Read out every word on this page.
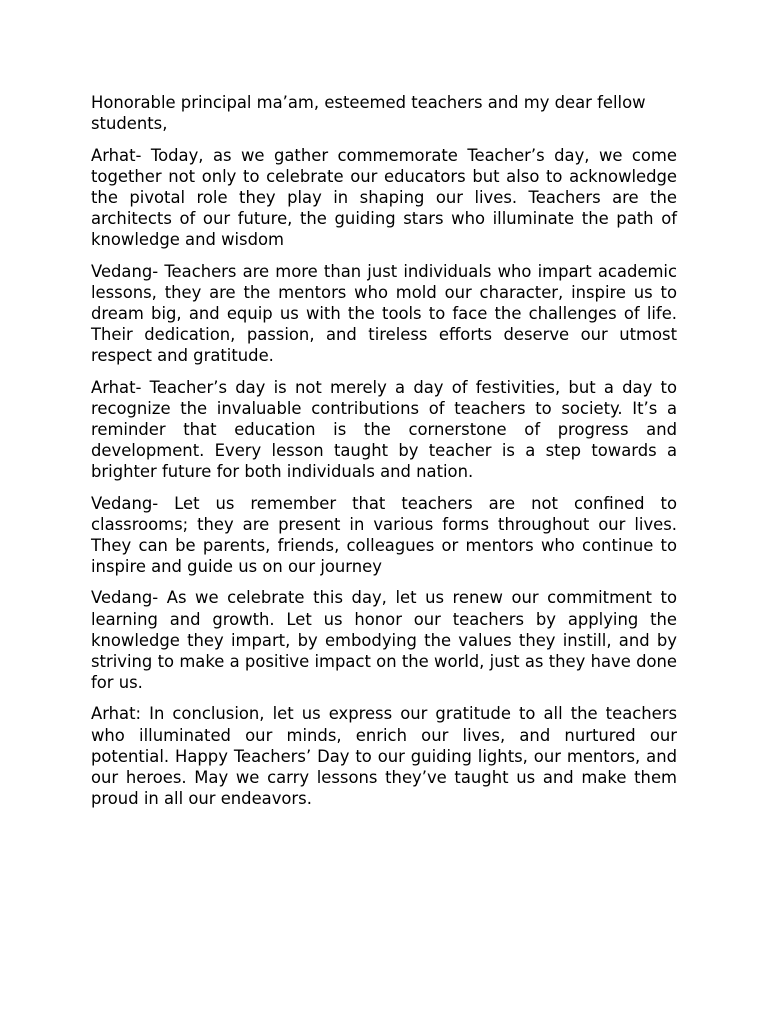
Honorable principal ma’am, esteemed teachers and my dear fellow students,

Arhat- Today, as we gather commemorate Teacher’s day, we come together not only to celebrate our educators but also to acknowledge the pivotal role they play in shaping our lives. Teachers are the architects of our future, the guiding stars who illuminate the path of knowledge and wisdom

Vedang- Teachers are more than just individuals who impart academic lessons, they are the mentors who mold our character, inspire us to dream big, and equip us with the tools to face the challenges of life. Their dedication, passion, and tireless efforts deserve our utmost respect and gratitude.

Arhat- Teacher’s day is not merely a day of festivities, but a day to recognize the invaluable contributions of teachers to society. It’s a reminder that education is the cornerstone of progress and development. Every lesson taught by teacher is a step towards a brighter future for both individuals and nation.

Vedang- Let us remember that teachers are not confined to classrooms; they are present in various forms throughout our lives. They can be parents, friends, colleagues or mentors who continue to inspire and guide us on our journey

Vedang- As we celebrate this day, let us renew our commitment to learning and growth. Let us honor our teachers by applying the knowledge they impart, by embodying the values they instill, and by striving to make a positive impact on the world, just as they have done for us.

Arhat: In conclusion, let us express our gratitude to all the teachers who illuminated our minds, enrich our lives, and nurtured our potential. Happy Teachers’ Day to our guiding lights, our mentors, and our heroes. May we carry lessons they’ve taught us and make them proud in all our endeavors.
